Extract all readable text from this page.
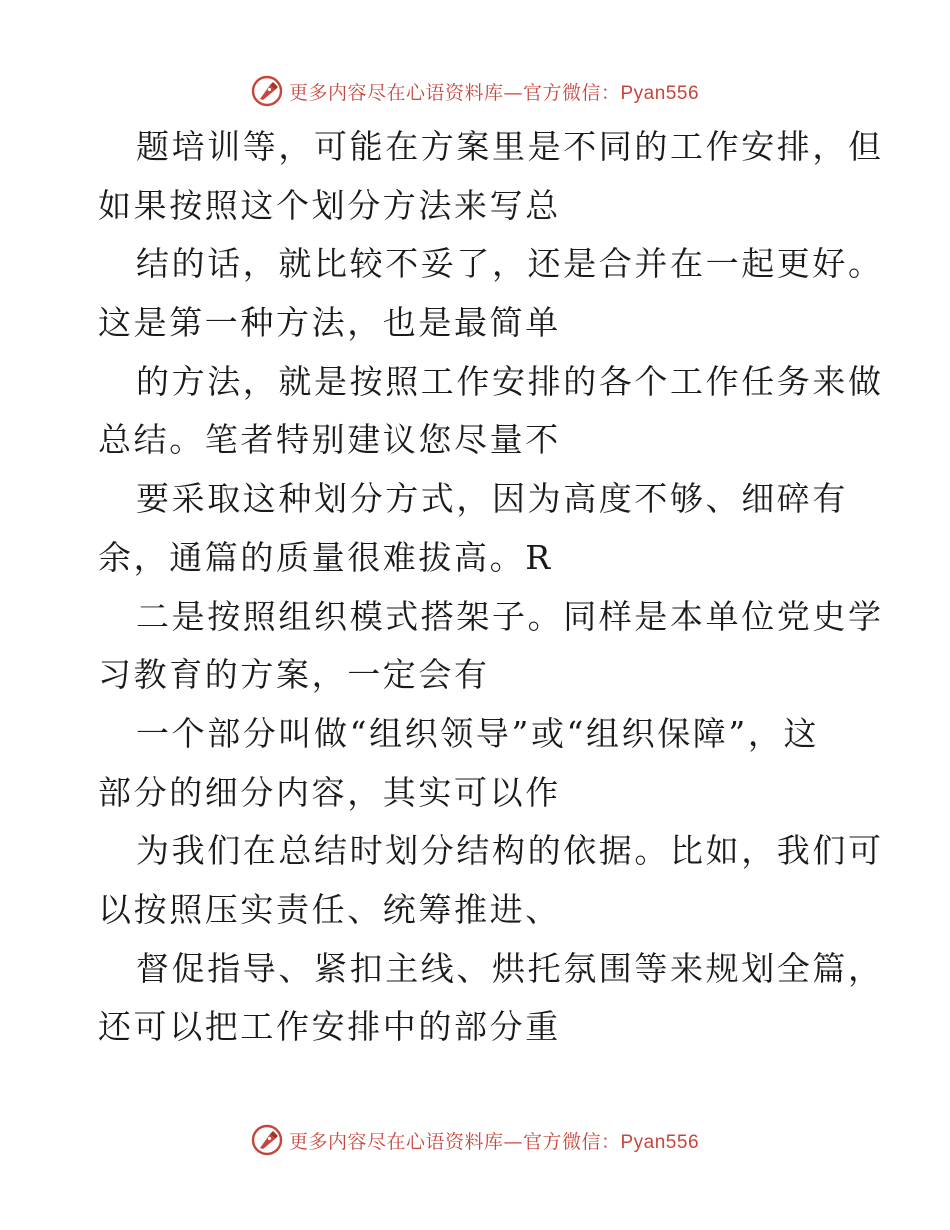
更多内容尽在心语资料库—官方微信：Pyan556
题培训等，可能在方案里是不同的工作安排，但
如果按照这个划分方法来写总
结的话，就比较不妥了，还是合并在一起更好。
这是第一种方法，也是最简单
的方法，就是按照工作安排的各个工作任务来做
总结。笔者特别建议您尽量不
要采取这种划分方式，因为高度不够、细碎有
余，通篇的质量很难拔高。R
二是按照组织模式搭架子。同样是本单位党史学
习教育的方案，一定会有
一个部分叫做“组织领导”或“组织保障”，这
部分的细分内容，其实可以作
为我们在总结时划分结构的依据。比如，我们可
以按照压实责任、统筹推进、
督促指导、紧扣主线、烘托氛围等来规划全篇，
还可以把工作安排中的部分重
更多内容尽在心语资料库—官方微信：Pyan556
